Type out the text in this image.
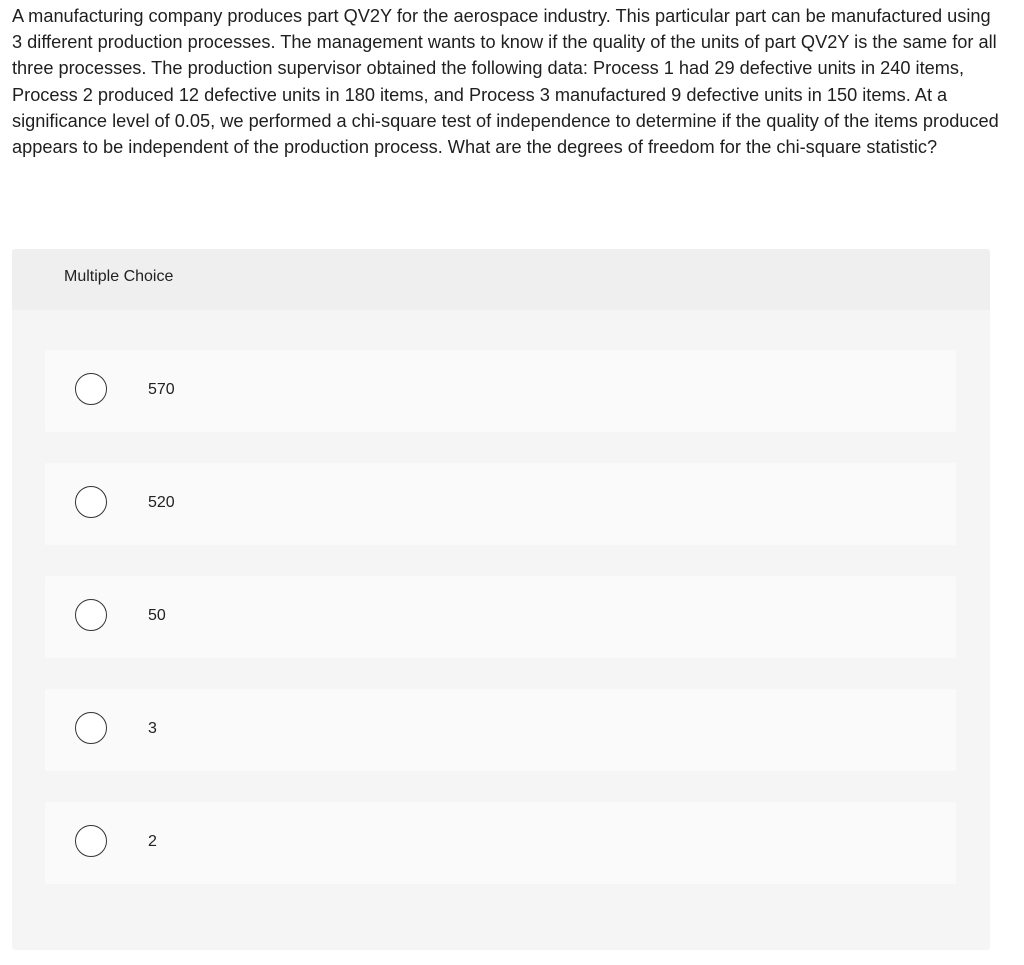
A manufacturing company produces part QV2Y for the aerospace industry. This particular part can be manufactured using 3 different production processes. The management wants to know if the quality of the units of part QV2Y is the same for all three processes. The production supervisor obtained the following data: Process 1 had 29 defective units in 240 items, Process 2 produced 12 defective units in 180 items, and Process 3 manufactured 9 defective units in 150 items. At a significance level of 0.05, we performed a chi-square test of independence to determine if the quality of the items produced appears to be independent of the production process. What are the degrees of freedom for the chi-square statistic?

Multiple Choice
570
520
50
3
2
